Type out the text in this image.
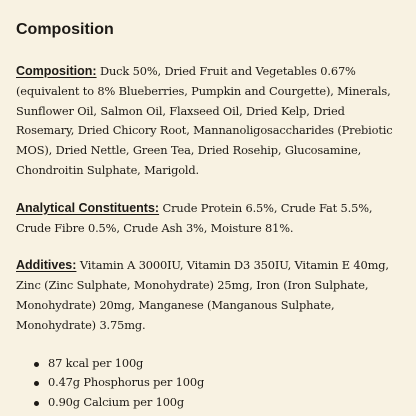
Composition

Composition: Duck 50%, Dried Fruit and Vegetables 0.67% (equivalent to 8% Blueberries, Pumpkin and Courgette), Minerals, Sunflower Oil, Salmon Oil, Flaxseed Oil, Dried Kelp, Dried Rosemary, Dried Chicory Root, Mannanoligosaccharides (Prebiotic MOS), Dried Nettle, Green Tea, Dried Rosehip, Glucosamine, Chondroitin Sulphate, Marigold.

Analytical Constituents: Crude Protein 6.5%, Crude Fat 5.5%, Crude Fibre 0.5%, Crude Ash 3%, Moisture 81%.

Additives: Vitamin A 3000IU, Vitamin D3 350IU, Vitamin E 40mg, Zinc (Zinc Sulphate, Monohydrate) 25mg, Iron (Iron Sulphate, Monohydrate) 20mg, Manganese (Manganous Sulphate, Monohydrate) 3.75mg.

87 kcal per 100g
0.47g Phosphorus per 100g
0.90g Calcium per 100g
